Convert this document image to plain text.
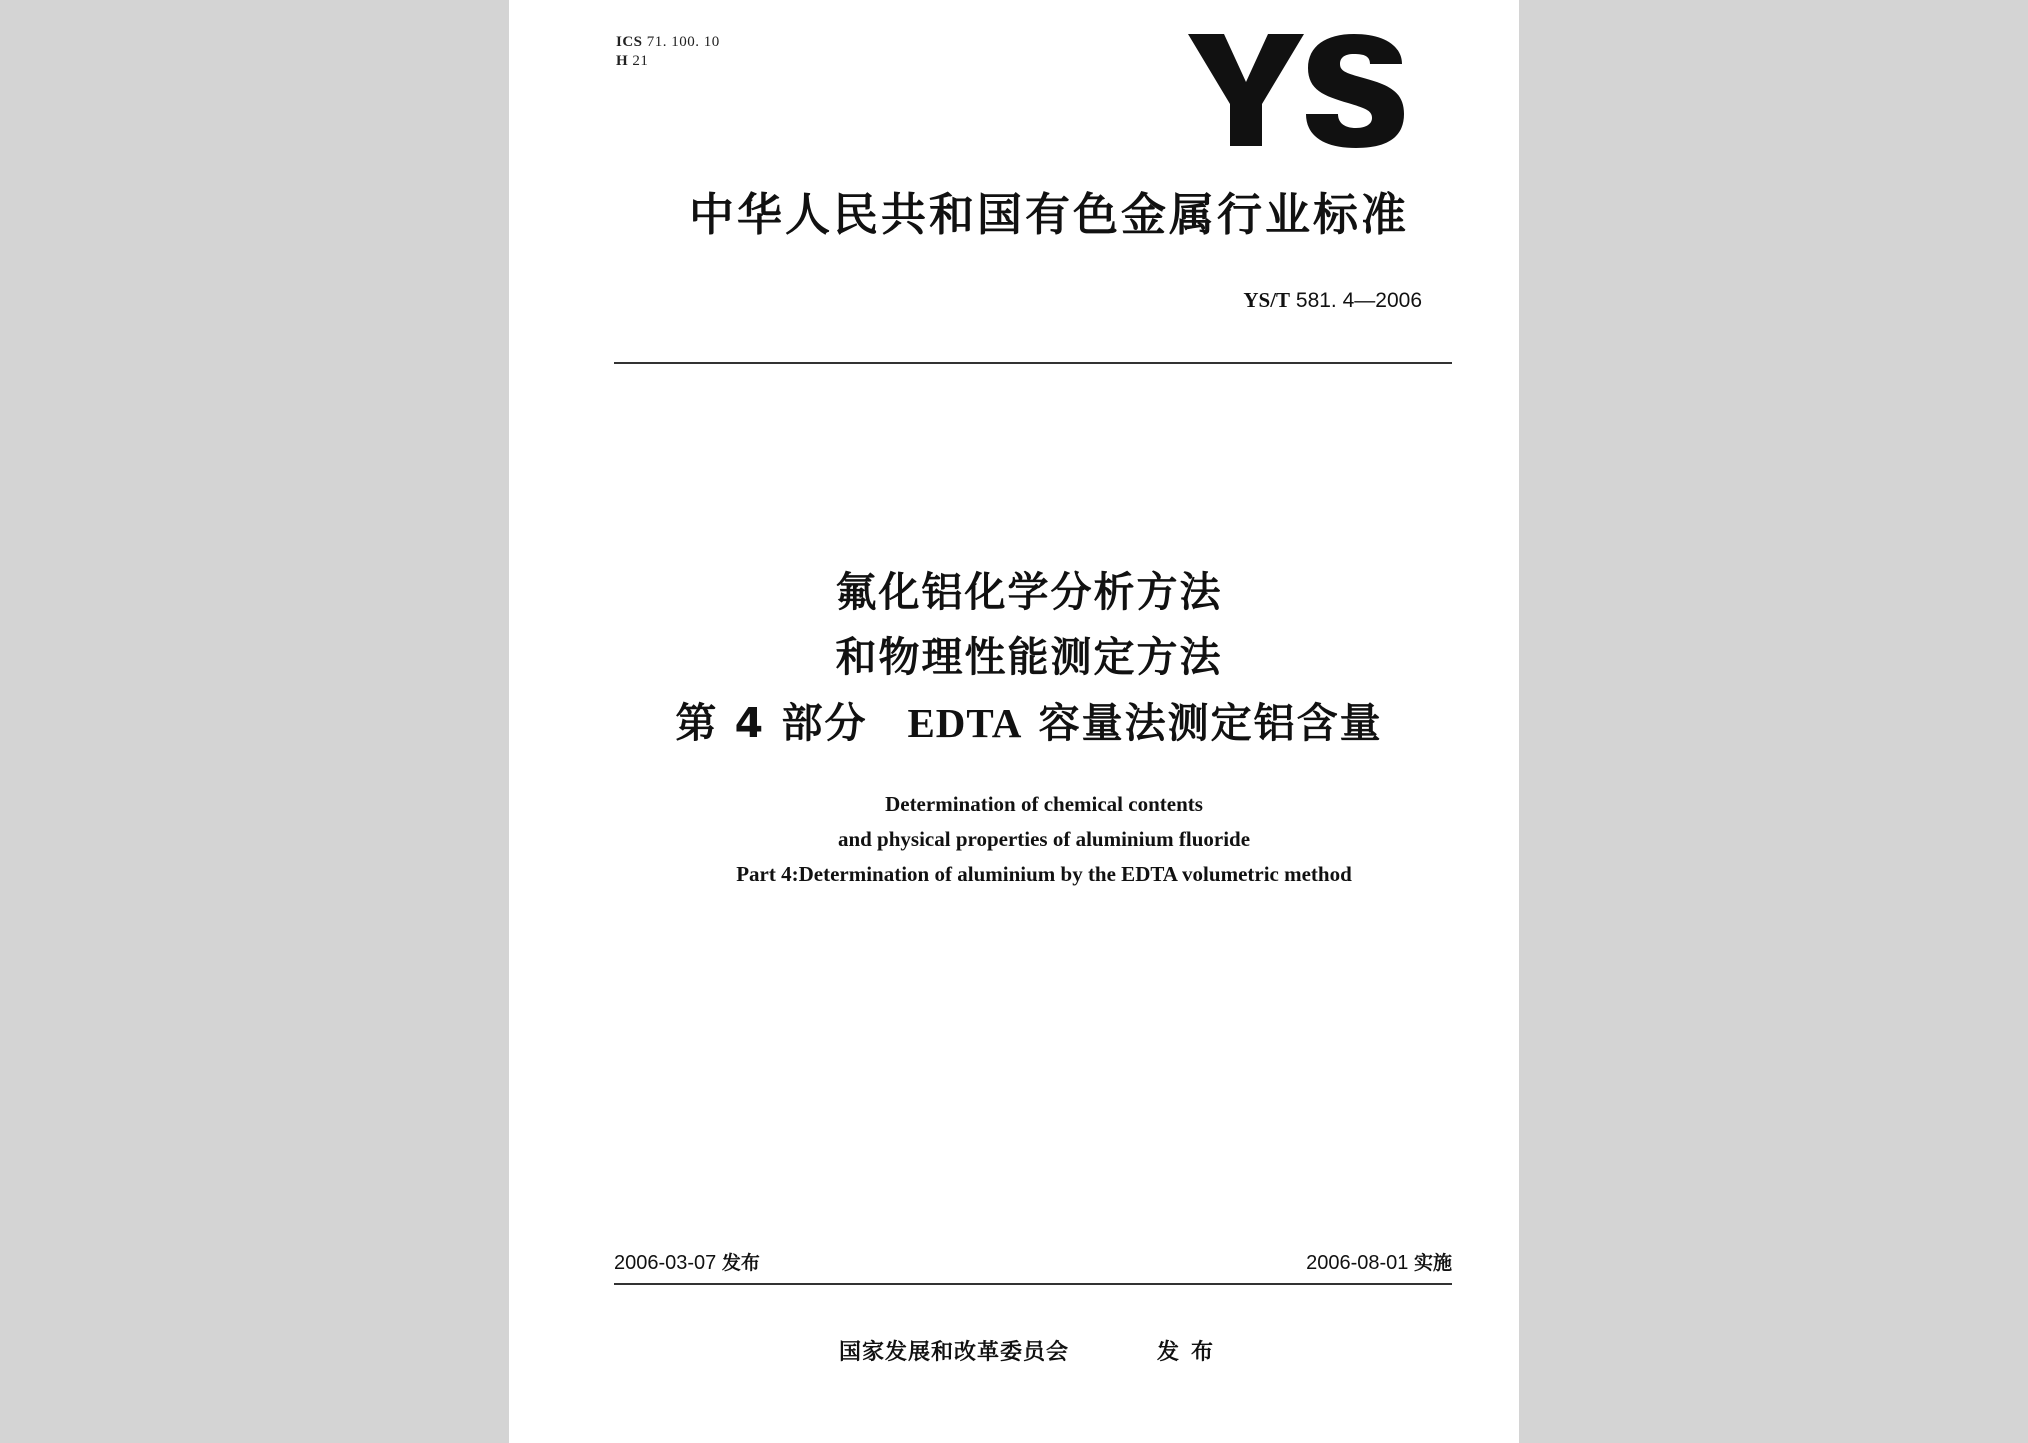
ICS 71. 100. 10
H 21
中华人民共和国有色金属行业标准
YS/T 581. 4—2006
氟化铝化学分析方法
和物理性能测定方法
第 4 部分 EDTA 容量法测定铝含量
Determination of chemical contents
and physical properties of aluminium fluoride
Part 4:Determination of aluminium by the EDTA volumetric method
2006-03-07 发布	2006-08-01 实施
国家发展和改革委员会	发布
